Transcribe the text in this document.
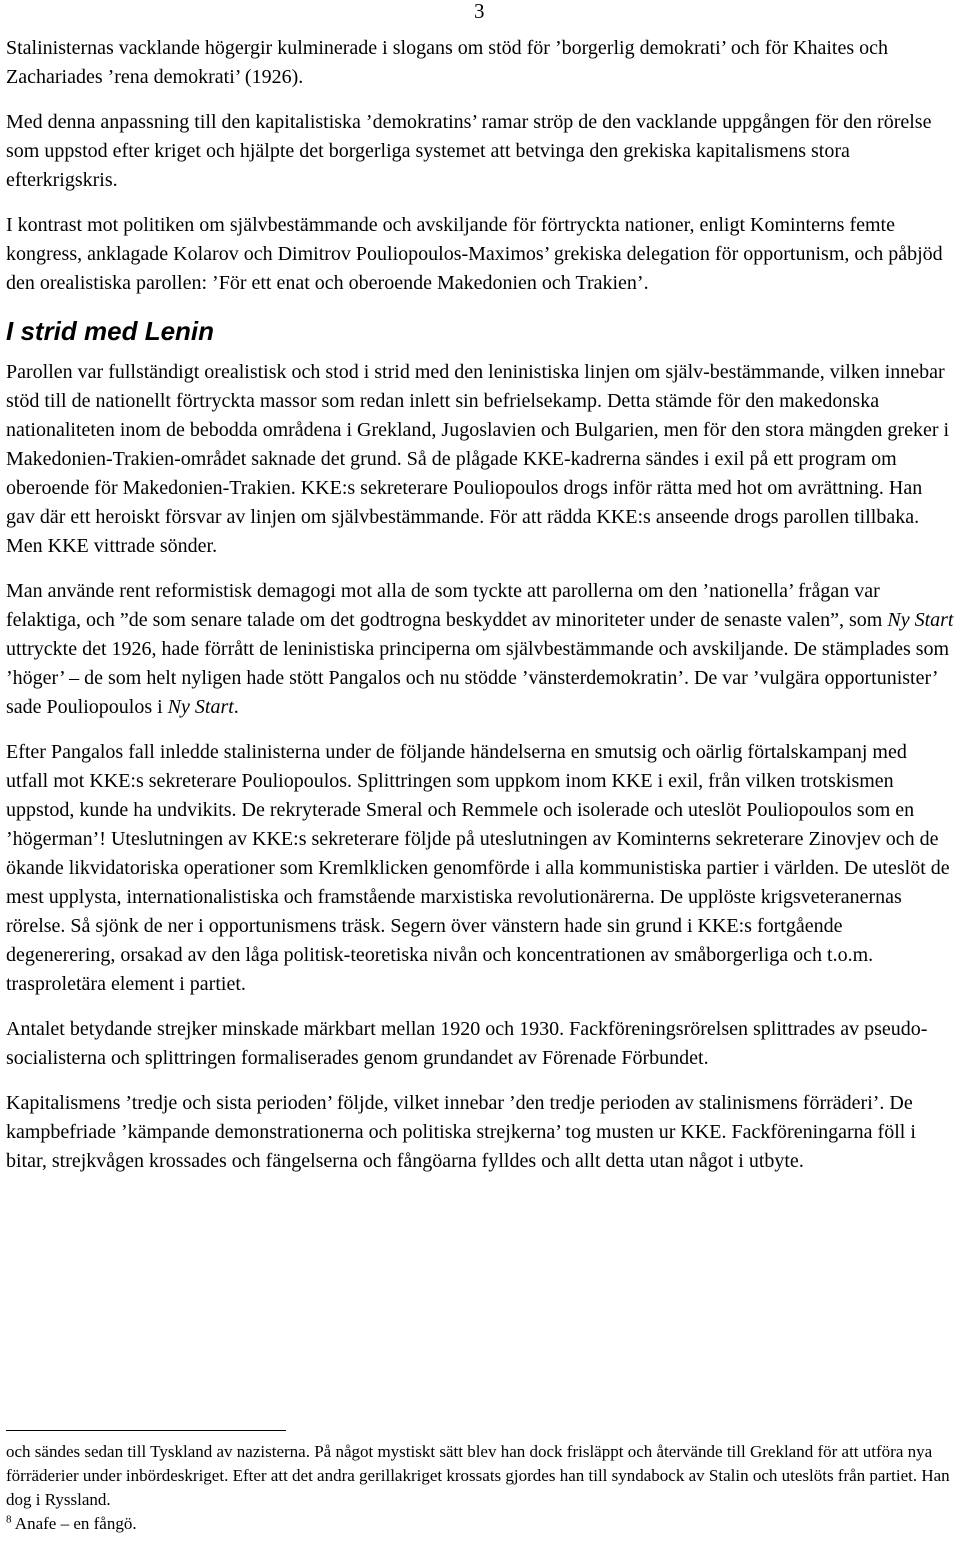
3

Stalinisternas vacklande högergir kulminerade i slogans om stöd för ’borgerlig demokrati’ och för Khaites och Zachariades ’rena demokrati’ (1926).

Med denna anpassning till den kapitalistiska ’demokratins’ ramar ströp de den vacklande uppgången för den rörelse som uppstod efter kriget och hjälpte det borgerliga systemet att betvinga den grekiska kapitalismens stora efterkrigskris.

I kontrast mot politiken om självbestämmande och avskiljande för förtryckta nationer, enligt Kominterns femte kongress, anklagade Kolarov och Dimitrov Pouliopoulos-Maximos’ grekiska delegation för opportunism, och påbjöd den orealistiska parollen: ’För ett enat och oberoende Makedonien och Trakien’.

I strid med Lenin

Parollen var fullständigt orealistisk och stod i strid med den leninistiska linjen om själv-bestämmande, vilken innebar stöd till de nationellt förtryckta massor som redan inlett sin befrielsekamp. Detta stämde för den makedonska nationaliteten inom de bebodda områdena i Grekland, Jugoslavien och Bulgarien, men för den stora mängden greker i Makedonien-Trakien-området saknade det grund. Så de plågade KKE-kadrerna sändes i exil på ett program om oberoende för Makedonien-Trakien. KKE:s sekreterare Pouliopoulos drogs inför rätta med hot om avrättning. Han gav där ett heroiskt försvar av linjen om självbestämmande. För att rädda KKE:s anseende drogs parollen tillbaka. Men KKE vittrade sönder.

Man använde rent reformistisk demagogi mot alla de som tyckte att parollerna om den ’nationella’ frågan var felaktiga, och ”de som senare talade om det godtrogna beskyddet av minoriteter under de senaste valen”, som Ny Start uttryckte det 1926, hade förrått de leninistiska principerna om självbestämmande och avskiljande. De stämplades som ’höger’ – de som helt nyligen hade stött Pangalos och nu stödde ’vänsterdemokratin’. De var ’vulgära opportunister’ sade Pouliopoulos i Ny Start.

Efter Pangalos fall inledde stalinisterna under de följande händelserna en smutsig och oärlig förtalskampanj med utfall mot KKE:s sekreterare Pouliopoulos. Splittringen som uppkom inom KKE i exil, från vilken trotskismen uppstod, kunde ha undvikits. De rekryterade Smeral och Remmele och isolerade och uteslöt Pouliopoulos som en ’högerman’! Uteslutningen av KKE:s sekreterare följde på uteslutningen av Kominterns sekreterare Zinovjev och de ökande likvidatoriska operationer som Kremlklicken genomförde i alla kommunistiska partier i världen. De uteslöt de mest upplysta, internationalistiska och framstående marxistiska revolutionärerna. De upplöste krigsveteranernas rörelse. Så sjönk de ner i opportunismens träsk. Segern över vänstern hade sin grund i KKE:s fortgående degenerering, orsakad av den låga politisk-teoretiska nivån och koncentrationen av småborgerliga och t.o.m. trasproletära element i partiet.

Antalet betydande strejker minskade märkbart mellan 1920 och 1930. Fackföreningsrörelsen splittrades av pseudo-socialisterna och splittringen formaliserades genom grundandet av Förenade Förbundet.

Kapitalismens ’tredje och sista perioden’ följde, vilket innebar ’den tredje perioden av stalinismens förräderi’. De kampbefriade ’kämpande demonstrationerna och politiska strejkerna’ tog musten ur KKE. Fackföreningarna föll i bitar, strejkvågen krossades och fängelserna och fångöarna fylldes och allt detta utan något i utbyte.

och sändes sedan till Tyskland av nazisterna. På något mystiskt sätt blev han dock frisläppt och återvände till Grekland för att utföra nya förräderier under inbördeskriget. Efter att det andra gerillakriget krossats gjordes han till syndabock av Stalin och uteslöts från partiet. Han dog i Ryssland.
$^8$ Anafe – en fångö.
